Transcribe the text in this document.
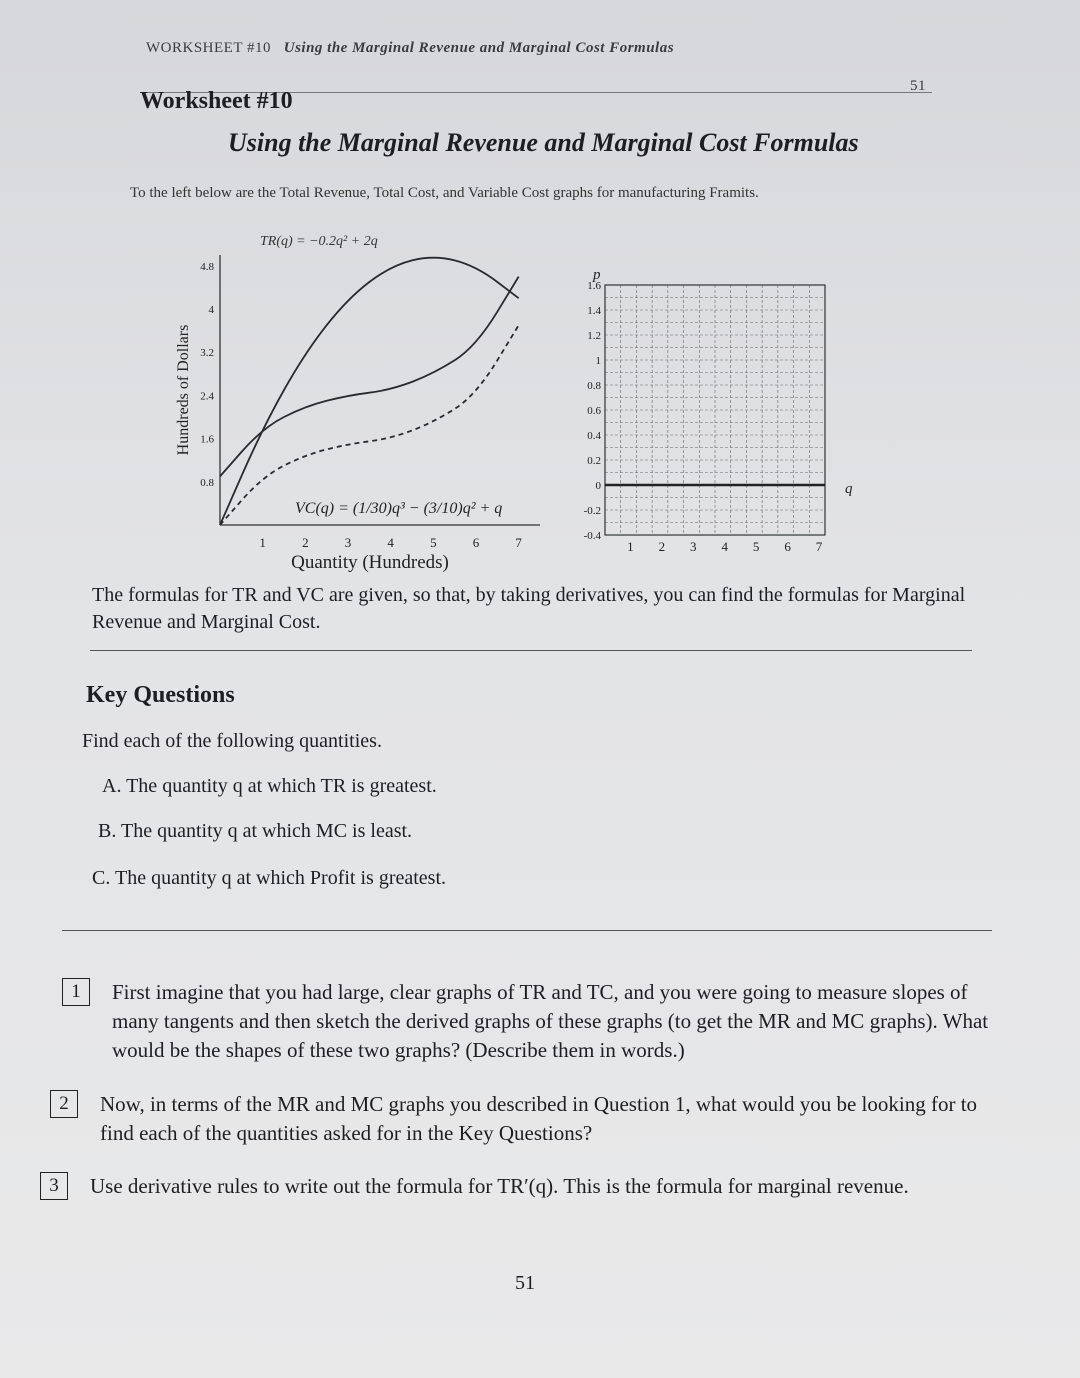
WORKSHEET #10 Using the Marginal Revenue and Marginal Cost Formulas
51
Worksheet #10
Using the Marginal Revenue and Marginal Cost Formulas
To the left below are the Total Revenue, Total Cost, and Variable Cost graphs for manufacturing Framits.
TR(q) = −0.2q² + 2q
1	2	3	4	5	6	7
0.8
1.6
2.4
3.2
4
4.8
Hundreds of Dollars
Quantity (Hundreds)
VC(q) = (1/30)q³ − (3/10)q² + q
-0.4
-0.2
0
0.2
0.4
0.6
0.8
1
1.2
1.4
1.6
1 2 3 4 5 6 7
p
q
The formulas for TR and VC are given, so that, by taking derivatives, you can find the formulas for Marginal Revenue and Marginal Cost.
Key Questions
Find each of the following quantities.
A. The quantity q at which TR is greatest.
B. The quantity q at which MC is least.
C. The quantity q at which Profit is greatest.
1	First imagine that you had large, clear graphs of TR and TC, and you were going to measure slopes of many tangents and then sketch the derived graphs of these graphs (to get the MR and MC graphs). What would be the shapes of these two graphs? (Describe them in words.)
2	Now, in terms of the MR and MC graphs you described in Question 1, what would you be looking for to find each of the quantities asked for in the Key Questions?
3	Use derivative rules to write out the formula for TR′(q). This is the formula for marginal revenue.
51
